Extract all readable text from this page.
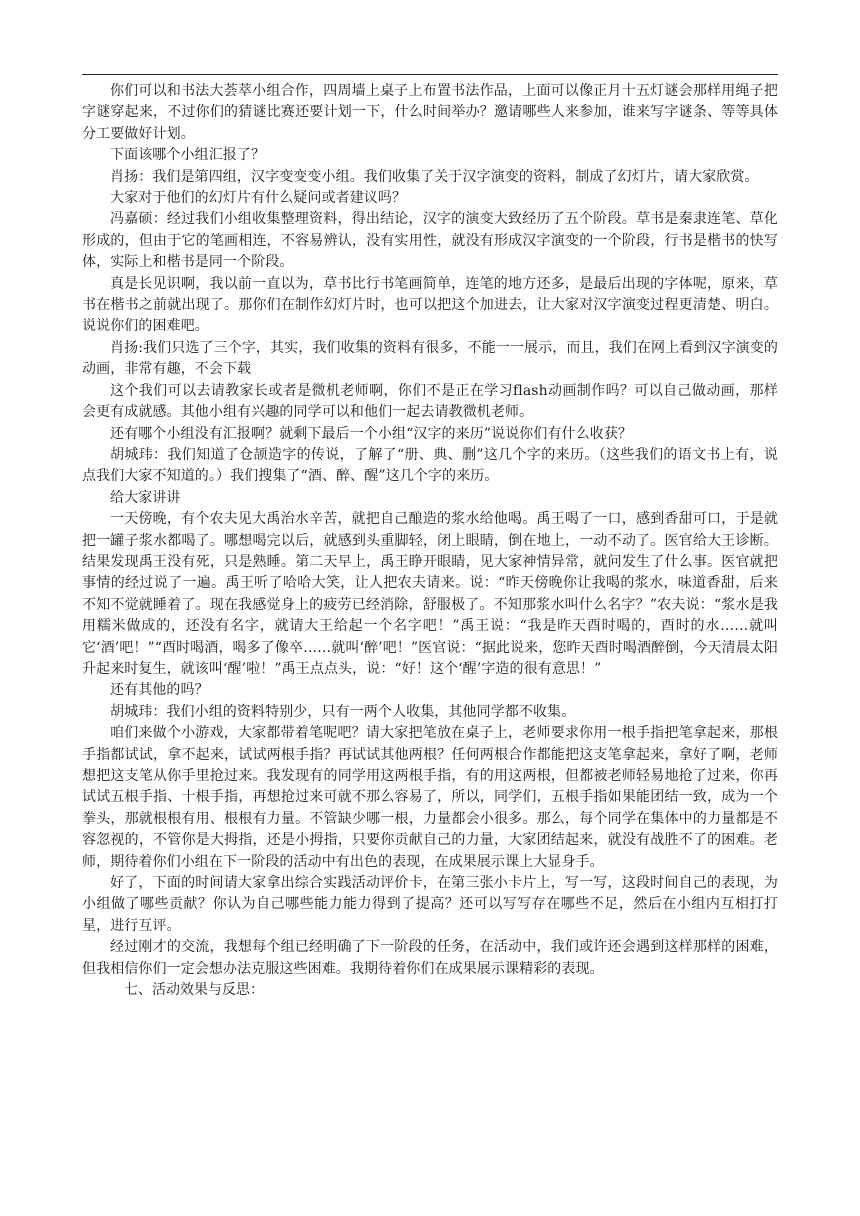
你们可以和书法大荟萃小组合作，四周墙上桌子上布置书法作品，上面可以像正月十五灯谜会那样用绳子把字谜穿起来，不过你们的猜谜比赛还要计划一下，什么时间举办？邀请哪些人来参加，谁来写字谜条、等等具体分工要做好计划。

下面该哪个小组汇报了？

肖扬：我们是第四组，汉字变变变小组。我们收集了关于汉字演变的资料，制成了幻灯片，请大家欣赏。

大家对于他们的幻灯片有什么疑问或者建议吗？

冯嘉硕：经过我们小组收集整理资料，得出结论，汉字的演变大致经历了五个阶段。草书是秦隶连笔、草化形成的，但由于它的笔画相连，不容易辨认，没有实用性，就没有形成汉字演变的一个阶段，行书是楷书的快写体，实际上和楷书是同一个阶段。

真是长见识啊，我以前一直以为，草书比行书笔画简单，连笔的地方还多，是最后出现的字体呢，原来，草书在楷书之前就出现了。那你们在制作幻灯片时，也可以把这个加进去，让大家对汉字演变过程更清楚、明白。说说你们的困难吧。

肖扬:我们只选了三个字，其实，我们收集的资料有很多，不能一一展示，而且，我们在网上看到汉字演变的动画，非常有趣，不会下载

这个我们可以去请教家长或者是微机老师啊，你们不是正在学习flash动画制作吗？可以自己做动画，那样会更有成就感。其他小组有兴趣的同学可以和他们一起去请教微机老师。

还有哪个小组没有汇报啊？就剩下最后一个小组“汉字的来历”说说你们有什么收获？

胡城玮：我们知道了仓颉造字的传说，了解了“册、典、删”这几个字的来历。（这些我们的语文书上有，说点我们大家不知道的。）我们搜集了“酒、醉、醒”这几个字的来历。

给大家讲讲

一天傍晚，有个农夫见大禹治水辛苦，就把自己酿造的浆水给他喝。禹王喝了一口，感到香甜可口，于是就把一罐子浆水都喝了。哪想喝完以后，就感到头重脚轻，闭上眼睛，倒在地上，一动不动了。医官给大王诊断。结果发现禹王没有死，只是熟睡。第二天早上，禹王睁开眼睛，见大家神情异常，就问发生了什么事。医官就把事情的经过说了一遍。禹王听了哈哈大笑，让人把农夫请来。说：“昨天傍晚你让我喝的浆水，味道香甜，后来不知不觉就睡着了。现在我感觉身上的疲劳已经消除，舒服极了。不知那浆水叫什么名字？”农夫说：“浆水是我用糯米做成的，还没有名字，就请大王给起一个名字吧！”禹王说：“我是昨天酉时喝的，酉时的水……就叫它‘酒’吧！”“酉时喝酒，喝多了像卒……就叫‘醉’吧！”医官说：“据此说来，您昨天酉时喝酒醉倒，今天清晨太阳升起来时复生，就该叫‘醒’啦！”禹王点点头，说：“好！这个‘醒’字造的很有意思！”

还有其他的吗？

胡城玮：我们小组的资料特别少，只有一两个人收集，其他同学都不收集。

咱们来做个小游戏，大家都带着笔呢吧？请大家把笔放在桌子上，老师要求你用一根手指把笔拿起来，那根手指都试试，拿不起来，试试两根手指？再试试其他两根？任何两根合作都能把这支笔拿起来，拿好了啊，老师想把这支笔从你手里抢过来。我发现有的同学用这两根手指，有的用这两根，但都被老师轻易地抢了过来，你再试试五根手指、十根手指，再想抢过来可就不那么容易了，所以，同学们，五根手指如果能团结一致，成为一个拳头，那就根根有用、根根有力量。不管缺少哪一根，力量都会小很多。那么，每个同学在集体中的力量都是不容忽视的，不管你是大拇指，还是小拇指，只要你贡献自己的力量，大家团结起来，就没有战胜不了的困难。老师，期待着你们小组在下一阶段的活动中有出色的表现，在成果展示课上大显身手。

好了，下面的时间请大家拿出综合实践活动评价卡，在第三张小卡片上，写一写，这段时间自己的表现，为小组做了哪些贡献？你认为自己哪些能力能力得到了提高？还可以写写存在哪些不足，然后在小组内互相打打星，进行互评。

经过刚才的交流，我想每个组已经明确了下一阶段的任务，在活动中，我们或许还会遇到这样那样的困难，但我相信你们一定会想办法克服这些困难。我期待着你们在成果展示课精彩的表现。

七、活动效果与反思：
